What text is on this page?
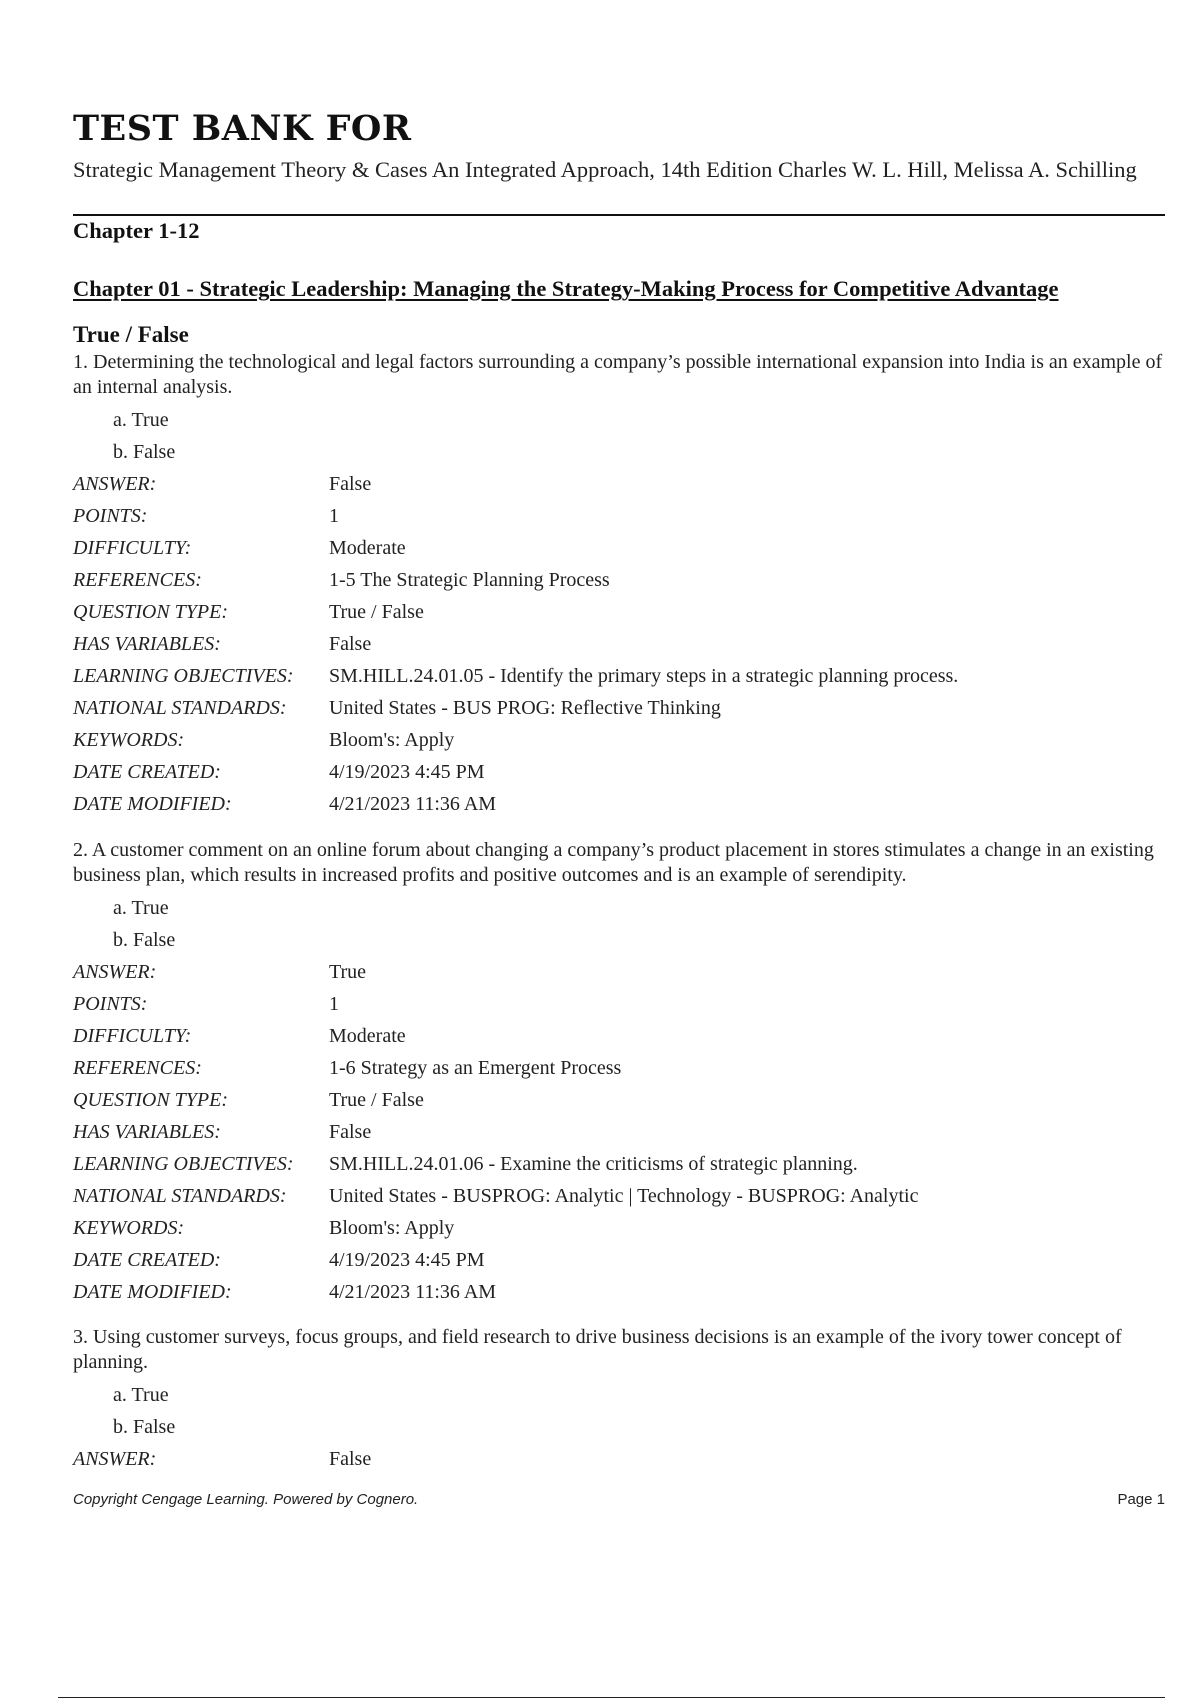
TEST BANK FOR
Strategic Management Theory & Cases An Integrated Approach, 14th Edition Charles W. L. Hill, Melissa A. Schilling
Chapter 1-12
Chapter 01 - Strategic Leadership: Managing the Strategy-Making Process for Competitive Advantage
True / False
1. Determining the technological and legal factors surrounding a company’s possible international expansion into India is an example of an internal analysis.
a. True
b. False
ANSWER:	False
POINTS:	1
DIFFICULTY:	Moderate
REFERENCES:	1-5 The Strategic Planning Process
QUESTION TYPE:	True / False
HAS VARIABLES:	False
LEARNING OBJECTIVES:	SM.HILL.24.01.05 - Identify the primary steps in a strategic planning process.
NATIONAL STANDARDS:	United States - BUS PROG: Reflective Thinking
KEYWORDS:	Bloom's: Apply
DATE CREATED:	4/19/2023 4:45 PM
DATE MODIFIED:	4/21/2023 11:36 AM
2. A customer comment on an online forum about changing a company’s product placement in stores stimulates a change in an existing business plan, which results in increased profits and positive outcomes and is an example of serendipity.
a. True
b. False
ANSWER:	True
POINTS:	1
DIFFICULTY:	Moderate
REFERENCES:	1-6 Strategy as an Emergent Process
QUESTION TYPE:	True / False
HAS VARIABLES:	False
LEARNING OBJECTIVES:	SM.HILL.24.01.06 - Examine the criticisms of strategic planning.
NATIONAL STANDARDS:	United States - BUSPROG: Analytic | Technology - BUSPROG: Analytic
KEYWORDS:	Bloom's: Apply
DATE CREATED:	4/19/2023 4:45 PM
DATE MODIFIED:	4/21/2023 11:36 AM
3. Using customer surveys, focus groups, and field research to drive business decisions is an example of the ivory tower concept of planning.
a. True
b. False
ANSWER:	False
Copyright Cengage Learning. Powered by Cognero.	Page 1
